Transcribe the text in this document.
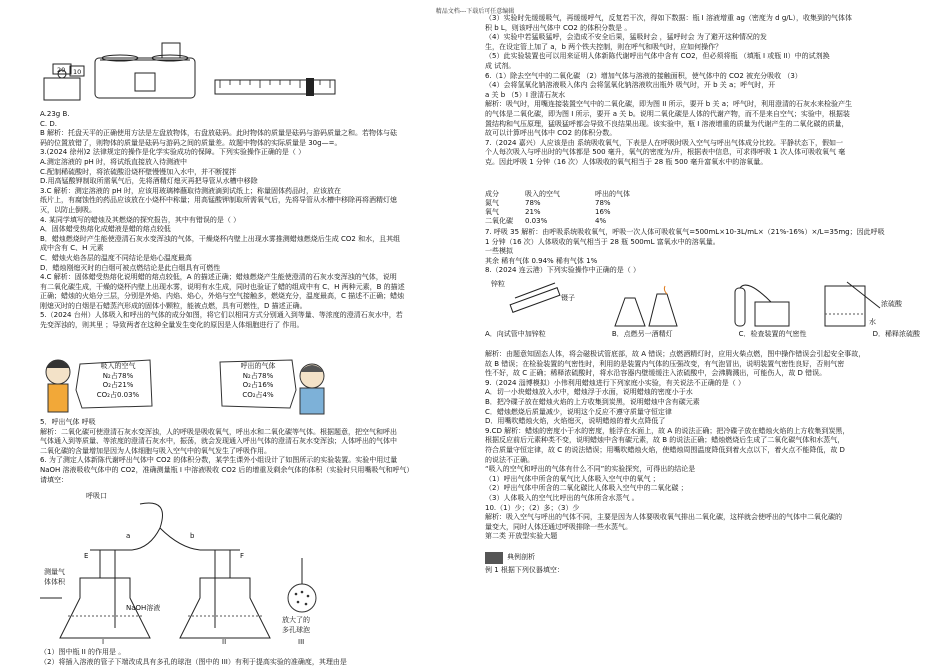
精品文档---下载后可任意编辑
20 10
A.23g B.
C. D.
B 解析：托盘天平的正确使用方法是左盘放物体，右盘放砝码。此时物体的质量是砝码与游码质量之和。若物体与砝
码的位置放错了，则物体的质量是砝码与游码之间的质量差。故题中物体的实际质量是 30g—=。
3.(2024 徐州)2 法律规定的操作是化学实验成功的保障。下列实验操作正确的是（ ）
A.测定溶液的 pH 时，将试纸直接放入待测液中
C.配制稀硫酸时，将浓硫酸沿烧杯壁慢慢加入水中，并不断搅拌
D.用高锰酸钾制取所需氧气后，先将酒精灯熄灭再把导管从水槽中移除
3.C 解析：测定溶液的 pH 时，应该用玻璃棒蘸取待测液滴到试纸上；称量固体药品时，应该放在
纸片上，有腐蚀性的药品应该放在小烧杯中称量；用高锰酸钾制取所需氧气后，先将导管从水槽中移除再将酒精灯熄
灭，以防止倒吸。
4. 某同学填写的蜡烛及其燃烧的探究报告，其中有错误的是（ ）
A．固体蜡受热熔化成蜡液是蜡的熔点较低
B．蜡烛燃烧时产生能使澄清石灰水变浑浊的气体，干燥烧杯内壁上出现水雾推测蜡烛燃烧后生成 CO2 和水，且其组
成中含有 C、H 元素
C．蜡烛火焰各层的温度不同结论是焰心温度最高
D．蜡烛刚熄灭时的白烟可被点燃结论是此白烟具有可燃性
4.C 解析：固体蜡受热熔化说明蜡的熔点较低，A 的描述正确；蜡烛燃烧产生能使澄清的石灰水变浑浊的气体，说明
有二氧化碳生成，干燥的烧杯内壁上出现水雾，说明有水生成，同时也验证了蜡的组成中有 C、H 两种元素，B 的描述
正确；蜡烛的火焰分三层，分别是外焰、内焰、焰心，外焰与空气接触多，燃烧充分，温度最高，C 描述不正确；蜡烛
刚熄灭时的白烟是石蜡蒸汽形成的固体小颗粒，能被点燃，具有可燃性，D 描述正确。
5.（2024 台州）人体吸入和呼出的气体的成分如图，将它们以相同方式分别通入到等量、等浓度的澄清石灰水中，若
先变浑浊的，则其里 ；导致两者在这种全量发生变化的原因是人体细胞进行了 作用。
吸入的空气
N₂占78%
O₂占21%
CO₂占0.03%
呼出的气体
N₂占78%
O₂占16%
CO₂占4%
5．呼出气体 呼吸
解析：二氧化碳可使澄清石灰水变浑浊，人的呼吸是吸收氧气，呼出水和二氧化碳等气体。根据题意，把空气和呼出
气体通入到等质量、等浓度的澄清石灰水中，振荡，就会发现通入呼出气体的澄清石灰水变浑浊；人体呼出的气体中
二氧化碳的含量增加是因为人体细胞与吸入空气中的氧气发生了呼吸作用。
6. 为了测定人体新陈代谢呼出气体中 CO2 的体积分数，某学生课外小组设计了如图所示的实验装置。实验中用过量
NaOH 溶液吸收气体中的 CO2，准确测量瓶 I 中溶液吸收 CO2 后的增重及剩余气体的体积（实验时只用嘴吸气和呼气）
请填空：
呼吸口
测量气
体体积
NaOH溶液
放大了的
多孔球泡
I	II	III
a	b
E	F
（1）图中瓶 II 的作用是 。
（2）将插入溶液的管子下端改成具有多孔的球泡（图中的 III）有利于提高实验的准确度，其理由是
（3）实验时先缓缓吸气，再缓缓呼气，反复若干次，得如下数据：瓶 I 溶液增重 ag（密度为 d g/L），收集到的气体体
积 b L，则该呼出气体中 CO2 的体积分数是 。
（4）实验中若猛吸猛呼，会造成不安全后果，猛吸时会 ，猛呼时会 为了避开这种情况的发
生，在设定管上加了 a，b 两个铁夫控制，则在呼气和吸气时，应如何操作？
（5）此实验装置也可以用来证明人体新陈代谢呼出气体中含有 CO2，但必须将瓶 （填瓶 I 或瓶 II）中的试剂换
成 试剂。
6.（1）除去空气中的二氧化碳 （2）增加气体与溶液的接触面积，使气体中的 CO2 被充分吸收 （3）
（4）会将氢氧化钠溶液吸入体内 会将氢氧化钠溶液吹出瓶外 吸气时，开 b 关 a；呼气时，开
a 关 b （5）I 澄清石灰水
解析：吸气时，用嘴连接装置空气中的二氧化碳，即为图 II 所示，要开 b 关 a；呼气时，利用澄清的石灰水来检验产生
的气体是二氧化碳，即为图 I 所示，要开 a 关 b。说明二氧化碳是人体的代谢产物，而不是来自空气；实验中，根据装
置结构和气压原理，猛吸猛呼都会导致不良结果出现。该实验中，瓶 I 溶液增重的质量为代谢产生的二氧化碳的质量，
故可以计算呼出气体中 CO2 的体积分数。
7.（2024 嘉兴）人应该是由 系统吸收氧气，下表是人在呼吸时吸入空气与呼出气体成分比较。平静状态下，假如一
个人每次吸入与呼出时的气体都是 500 毫升，氧气的密度为/升，根据表中信息，可求得呼吸 1 次人体可吸收氧气 毫
克。因此呼吸 1 分钟（16 次）人体吸收的氧气相当于 28 瓶 500 毫升富氧水中的溶氧量。
成分	吸入的空气	呼出的气体
氮气	78%	78%
氧气	21%	16%
二氧化碳	0.03%	4%
7. 呼吸 35 解析：由呼吸系统吸收氧气，呼吸一次人体可吸收氧气=500mL×10-3L/mL×（21%-16%）×/L=35mg；因此呼吸
1 分钟（16 次）人体吸收的氧气相当于 28 瓶 500mL 富氧水中的溶氧量。
一些模拟
其余 稀有气体 0.94% 稀有气体 1%
8.（2024 连云港）下列实验操作中正确的是（ ）
锌粒
镊子
浓硫酸
水
A．向试管中加锌粒	B．点燃另一酒精灯	C．检查装置的气密性	D．稀释浓硫酸
解析：由题意知固态人体，将会磁极试管底部，故 A 错误；点燃酒精灯时，应用火柴点燃，图中操作错误会引起安全事故，
故 B 错误；在检验装置的气密性时，利用的是装置内气体的压强改变，有气泡冒出，说明装置气密性良好，否则气密
性不好，故 C 正确；稀释浓硫酸时，将水沿容器内壁缓缓注入浓硫酸中，会沸腾溅出，可能伤人，故 D 错误。
9.（2024 淄博模拟）小伟利用蜡烛进行下列家庭小实验，有关说法不正确的是（ ）
A．切一小块蜡烛放入水中，蜡烛浮于水面，说明蜡烛的密度小于水
B．把冷碟子放在蜡烛火焰的上方收集到炭黑，说明蜡烛中含有碳元素
C．蜡烛燃烧后质量减少，说明这个反应不遵守质量守恒定律
D．用嘴吹蜡烛火焰，火焰熄灭，说明蜡烛的着火点降低了
9.CD 解析：蜡烛的密度小于水的密度，能浮在水面上，故 A 的说法正确；把冷碟子放在蜡烛火焰的上方收集到炭黑，
根据反应前后元素种类不变，说明蜡烛中含有碳元素，故 B 的说法正确；蜡烛燃烧后生成了二氧化碳气体和水蒸气，
符合质量守恒定律，故 C 的说法错误；用嘴吹蜡烛火焰，使蜡烛周围温度降低到着火点以下，着火点不能降低，故 D
的说法不正确。
“吸入的空气和呼出的气体有什么不同”的实验探究，可得出的结论是
（1）呼出气体中所含的氧气比人体吸入空气中的氧气 ；
（2）呼出气体中所含的二氧化碳比人体吸入空气中的二氧化碳 ；
（3）人体吸入的空气比呼出的气体所含水蒸气 。
10.（1）少；（2）多；（3）少
解析：吸入空气与呼出的气体不同，主要是因为人体要吸收氧气排出二氧化碳，这样就会使呼出的气体中二氧化碳的
量变大，同时人体还通过呼吸排除一些水蒸气。
第二类 开放型实验大题
典例剖析
例 1 根据下列仪器填空：
